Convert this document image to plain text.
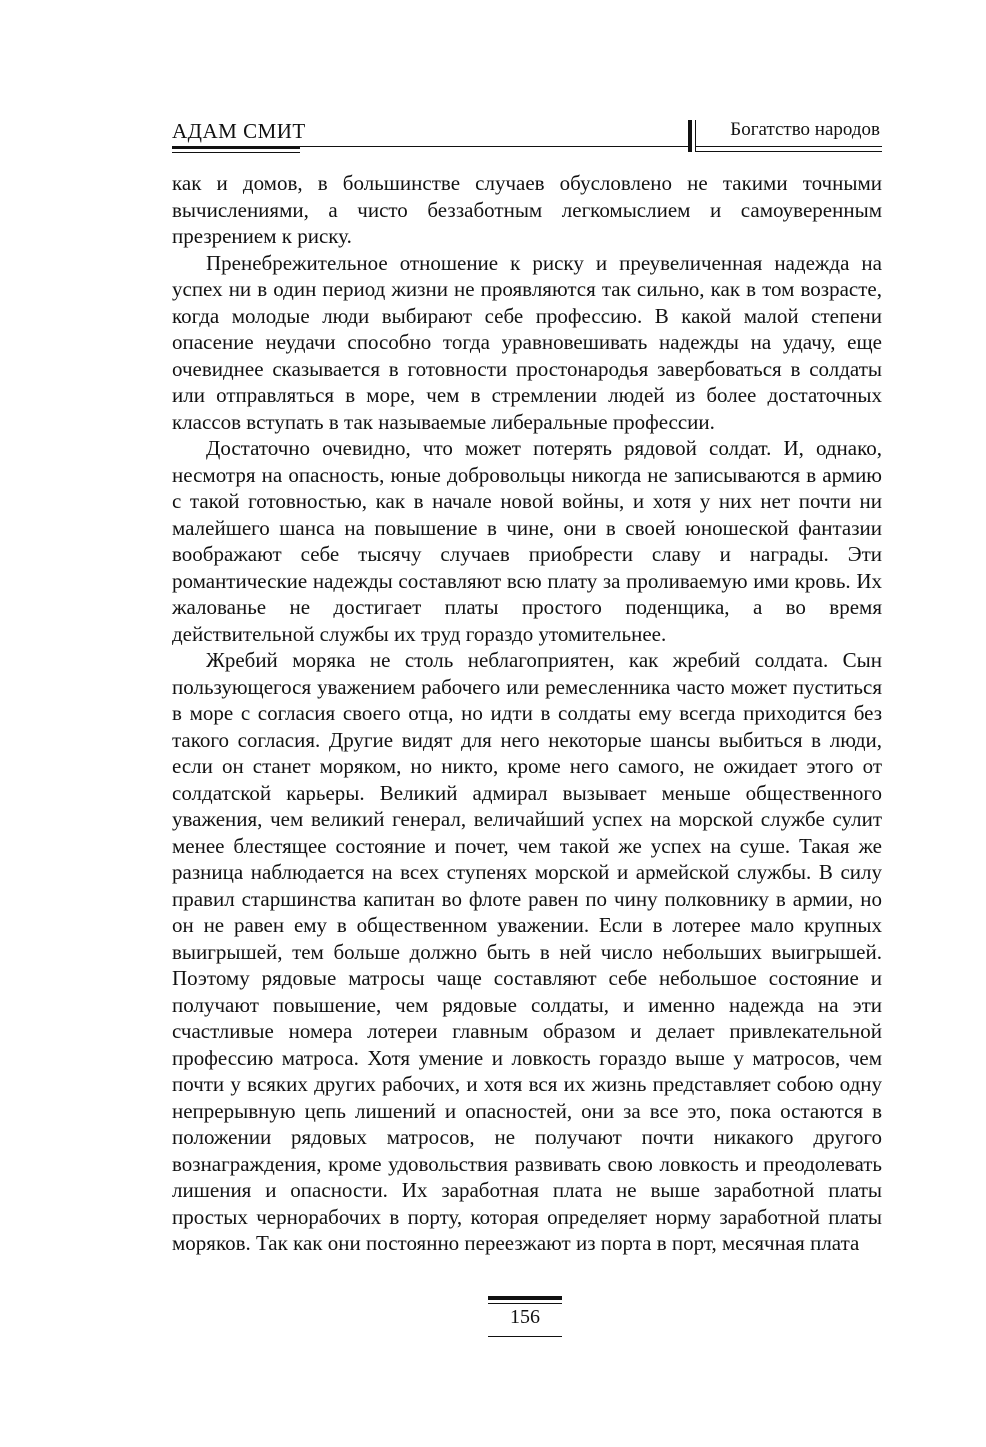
АДАМ СМИТ	Богатство народов

как и домов, в большинстве случаев обусловлено не такими точными вычислениями, а чисто беззаботным легкомыслием и самоуверенным презрением к риску.

Пренебрежительное отношение к риску и преувеличенная надежда на успех ни в один период жизни не проявляются так сильно, как в том возрасте, когда молодые люди выбирают себе профессию. В какой малой степени опасение неудачи способно тогда уравновешивать надежды на удачу, еще очевиднее сказывается в готовности простонародья завербоваться в солдаты или отправляться в море, чем в стремлении людей из более достаточных классов вступать в так называемые либеральные профессии.

Достаточно очевидно, что может потерять рядовой солдат. И, однако, несмотря на опасность, юные добровольцы никогда не записываются в армию с такой готовностью, как в начале новой войны, и хотя у них нет почти ни малейшего шанса на повышение в чине, они в своей юношеской фантазии воображают себе тысячу случаев приобрести славу и награды. Эти романтические надежды составляют всю плату за проливаемую ими кровь. Их жалованье не достигает платы простого поденщика, а во время действительной службы их труд гораздо утомительнее.

Жребий моряка не столь неблагоприятен, как жребий солдата. Сын пользующегося уважением рабочего или ремесленника часто может пуститься в море с согласия своего отца, но идти в солдаты ему всегда приходится без такого согласия. Другие видят для него некоторые шансы выбиться в люди, если он станет моряком, но никто, кроме него самого, не ожидает этого от солдатской карьеры. Великий адмирал вызывает меньше общественного уважения, чем великий генерал, величайший успех на морской службе сулит менее блестящее состояние и почет, чем такой же успех на суше. Такая же разница наблюдается на всех ступенях морской и армейской службы. В силу правил старшинства капитан во флоте равен по чину полковнику в армии, но он не равен ему в общественном уважении. Если в лотерее мало крупных выигрышей, тем больше должно быть в ней число небольших выигрышей. Поэтому рядовые матросы чаще составляют себе небольшое состояние и получают повышение, чем рядовые солдаты, и именно надежда на эти счастливые номера лотереи главным образом и делает привлекательной профессию матроса. Хотя умение и ловкость гораздо выше у матросов, чем почти у всяких других рабочих, и хотя вся их жизнь представляет собою одну непрерывную цепь лишений и опасностей, они за все это, пока остаются в положении рядовых матросов, не получают почти никакого другого вознаграждения, кроме удовольствия развивать свою ловкость и преодолевать лишения и опасности. Их заработная плата не выше заработной платы простых чернорабочих в порту, которая определяет норму заработной платы моряков. Так как они постоянно переезжают из порта в порт, месячная плата

156
